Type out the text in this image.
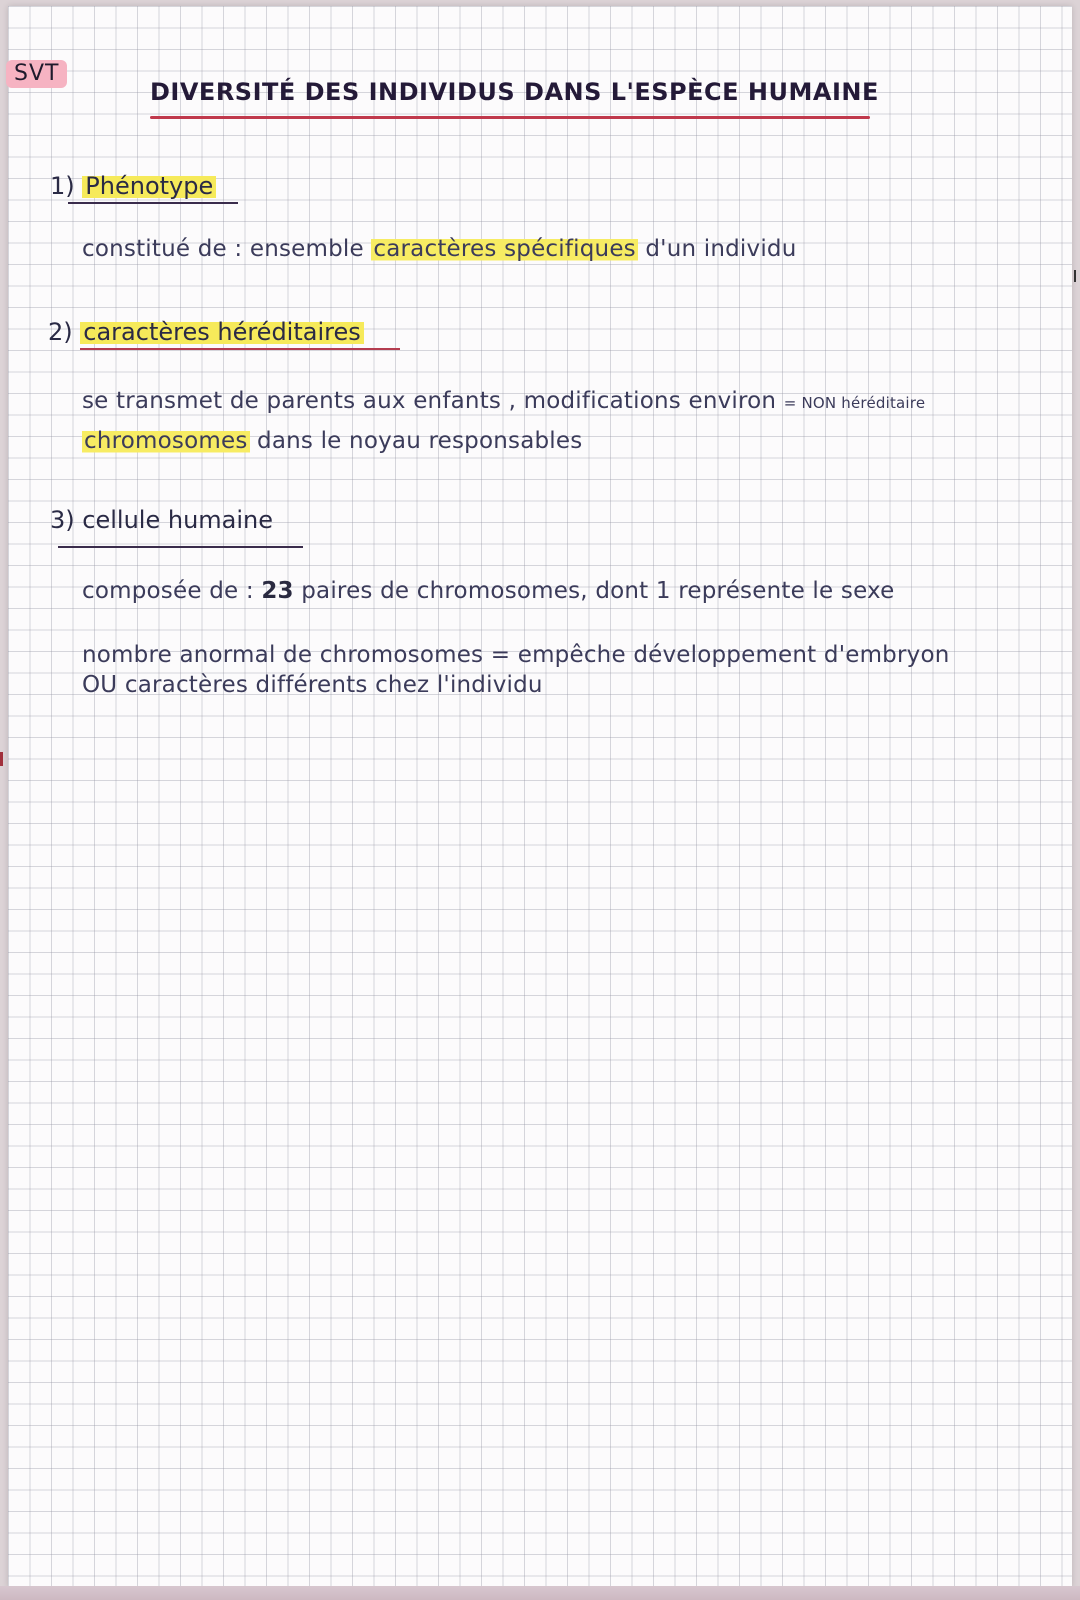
SVT
DIVERSITÉ DES INDIVIDUS DANS L'ESPÈCE HUMAINE
1) Phénotype
constitué de : ensemble caractères spécifiques d'un individu
2) caractères héréditaires
se transmet de parents aux enfants , modifications environ = NON héréditaire
chromosomes dans le noyau responsables
3) cellule humaine
composée de : 23 paires de chromosomes, dont 1 représente le sexe
nombre anormal de chromosomes = empêche développement d'embryon
OU caractères différents chez l'individu
